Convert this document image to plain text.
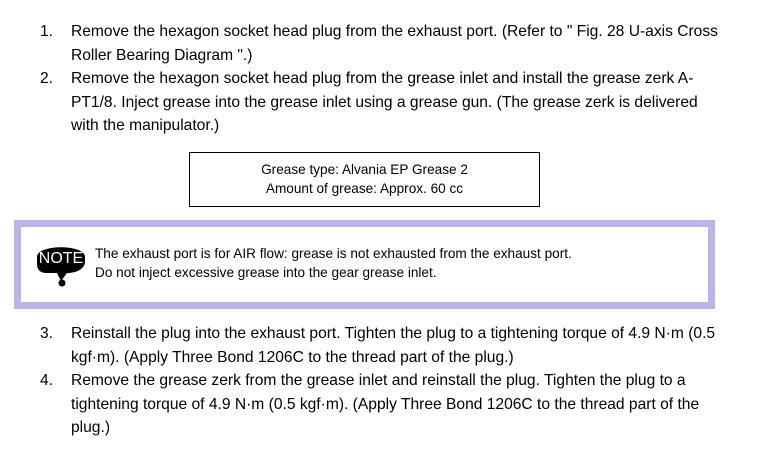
1. Remove the hexagon socket head plug from the exhaust port. (Refer to " Fig. 28 U-axis Cross Roller Bearing Diagram ".)
2. Remove the hexagon socket head plug from the grease inlet and install the grease zerk A-PT1/8. Inject grease into the grease inlet using a grease gun. (The grease zerk is delivered with the manipulator.)
Grease type: Alvania EP Grease 2
Amount of grease: Approx. 60 cc
NOTE The exhaust port is for AIR flow: grease is not exhausted from the exhaust port.
Do not inject excessive grease into the gear grease inlet.
3. Reinstall the plug into the exhaust port. Tighten the plug to a tightening torque of 4.9 N·m (0.5 kgf·m). (Apply Three Bond 1206C to the thread part of the plug.)
4. Remove the grease zerk from the grease inlet and reinstall the plug. Tighten the plug to a tightening torque of 4.9 N·m (0.5 kgf·m). (Apply Three Bond 1206C to the thread part of the plug.)
